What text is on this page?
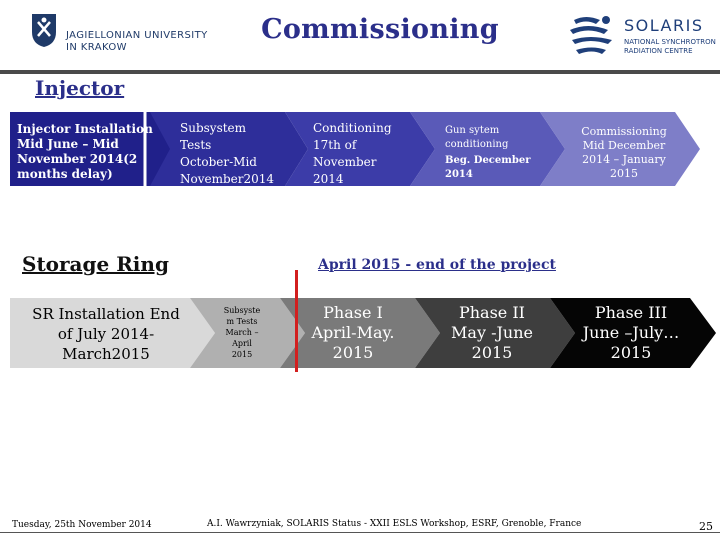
JAGIELLONIAN UNIVERSITY
IN KRAKOW
Commissioning	SOLARIS
NATIONAL SYNCHROTRON
RADIATION CENTRE
Injector
Injector Installation
Mid June – Mid
November 2014(2
months delay)
Subsystem
Tests
October-Mid
November2014
Conditioning
17th of
November
2014
Gun sytem
conditioning
Beg. December
2014
Commissioning
Mid December
2014 – January
2015
Storage Ring	April 2015 - end of the project
SR Installation End
of July 2014-
March2015
Subsyste
m Tests
March –
April
2015
Phase I
April-May.
2015
Phase II
May -June
2015
Phase III
June –July…
2015
Tuesday, 25th November 2014	A.I. Wawrzyniak, SOLARIS Status - XXII ESLS Workshop, ESRF, Grenoble, France	25
